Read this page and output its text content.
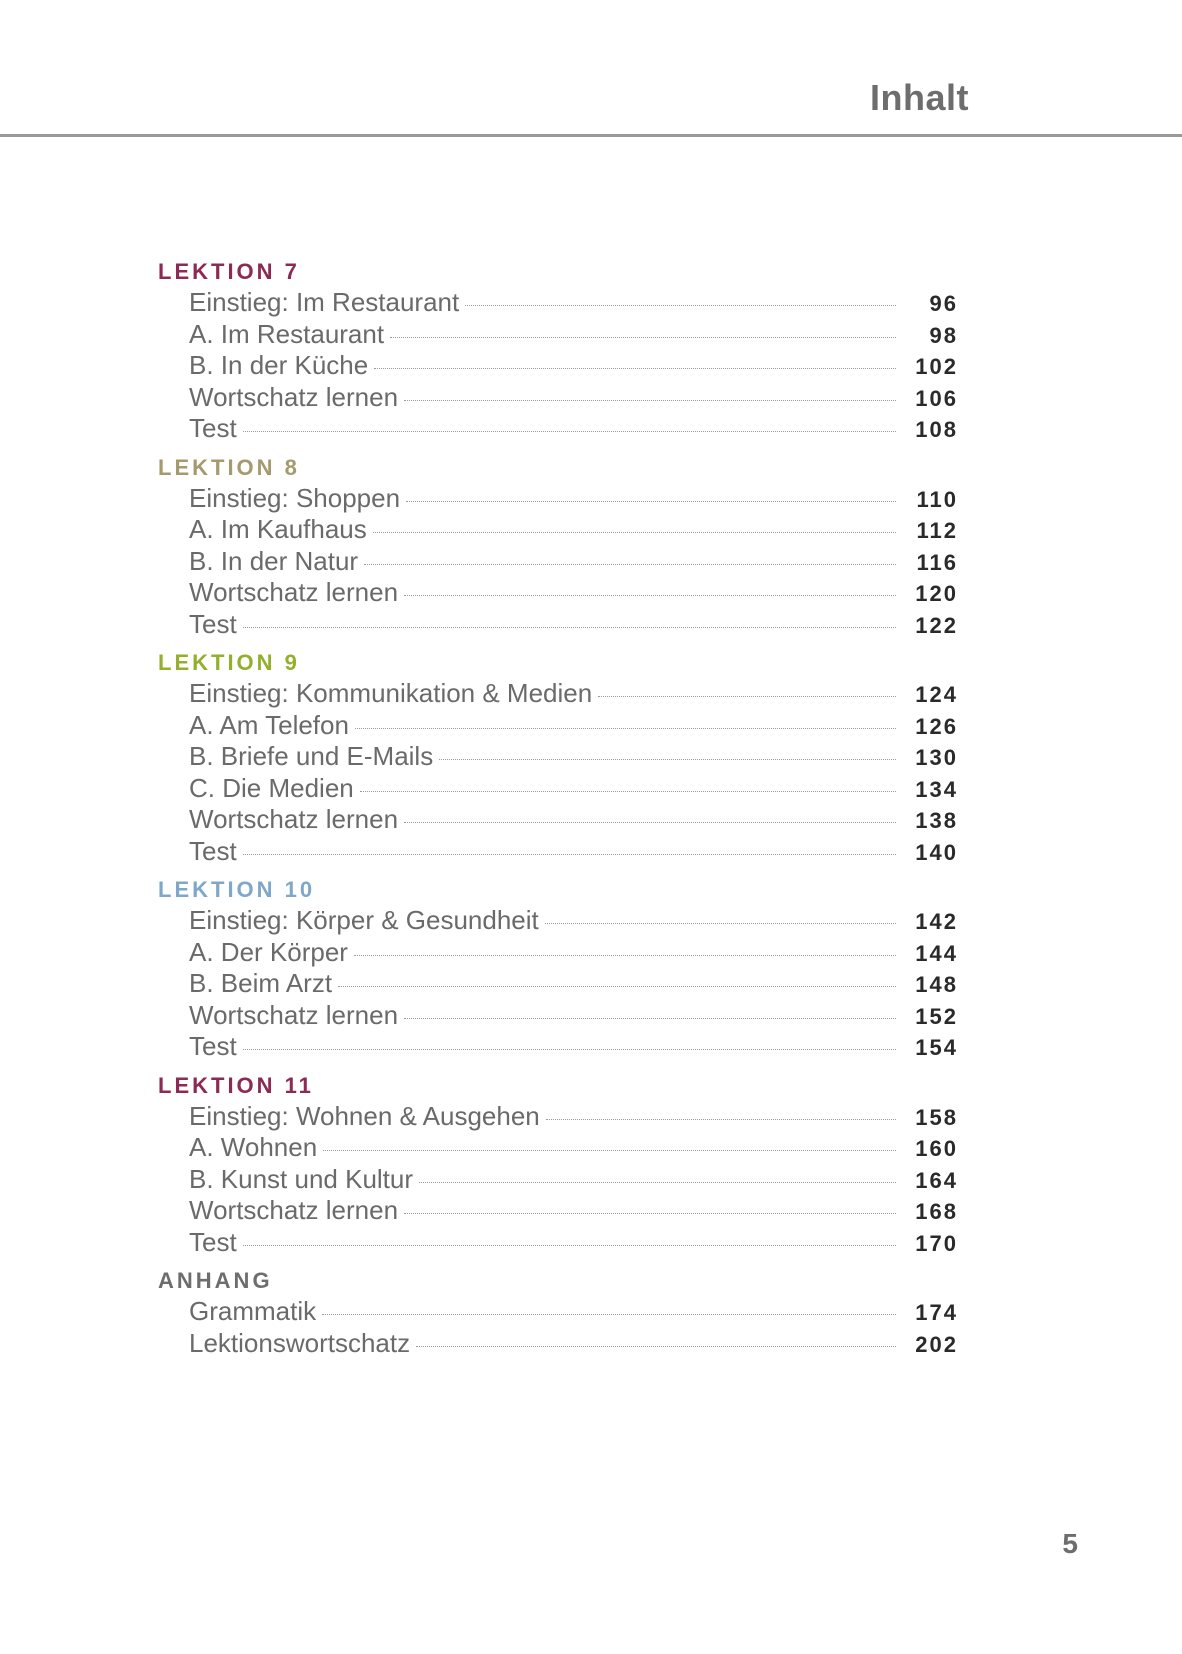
Inhalt
LEKTION 7
Einstieg: Im Restaurant	96
A. Im Restaurant	98
B. In der Küche	102
Wortschatz lernen	106
Test	108
LEKTION 8
Einstieg: Shoppen	110
A. Im Kaufhaus	112
B. In der Natur	116
Wortschatz lernen	120
Test	122
LEKTION 9
Einstieg: Kommunikation & Medien	124
A. Am Telefon	126
B. Briefe und E-Mails	130
C. Die Medien	134
Wortschatz lernen	138
Test	140
LEKTION 10
Einstieg: Körper & Gesundheit	142
A. Der Körper	144
B. Beim Arzt	148
Wortschatz lernen	152
Test	154
LEKTION 11
Einstieg: Wohnen & Ausgehen	158
A. Wohnen	160
B. Kunst und Kultur	164
Wortschatz lernen	168
Test	170
ANHANG
Grammatik	174
Lektionswortschatz	202
5
